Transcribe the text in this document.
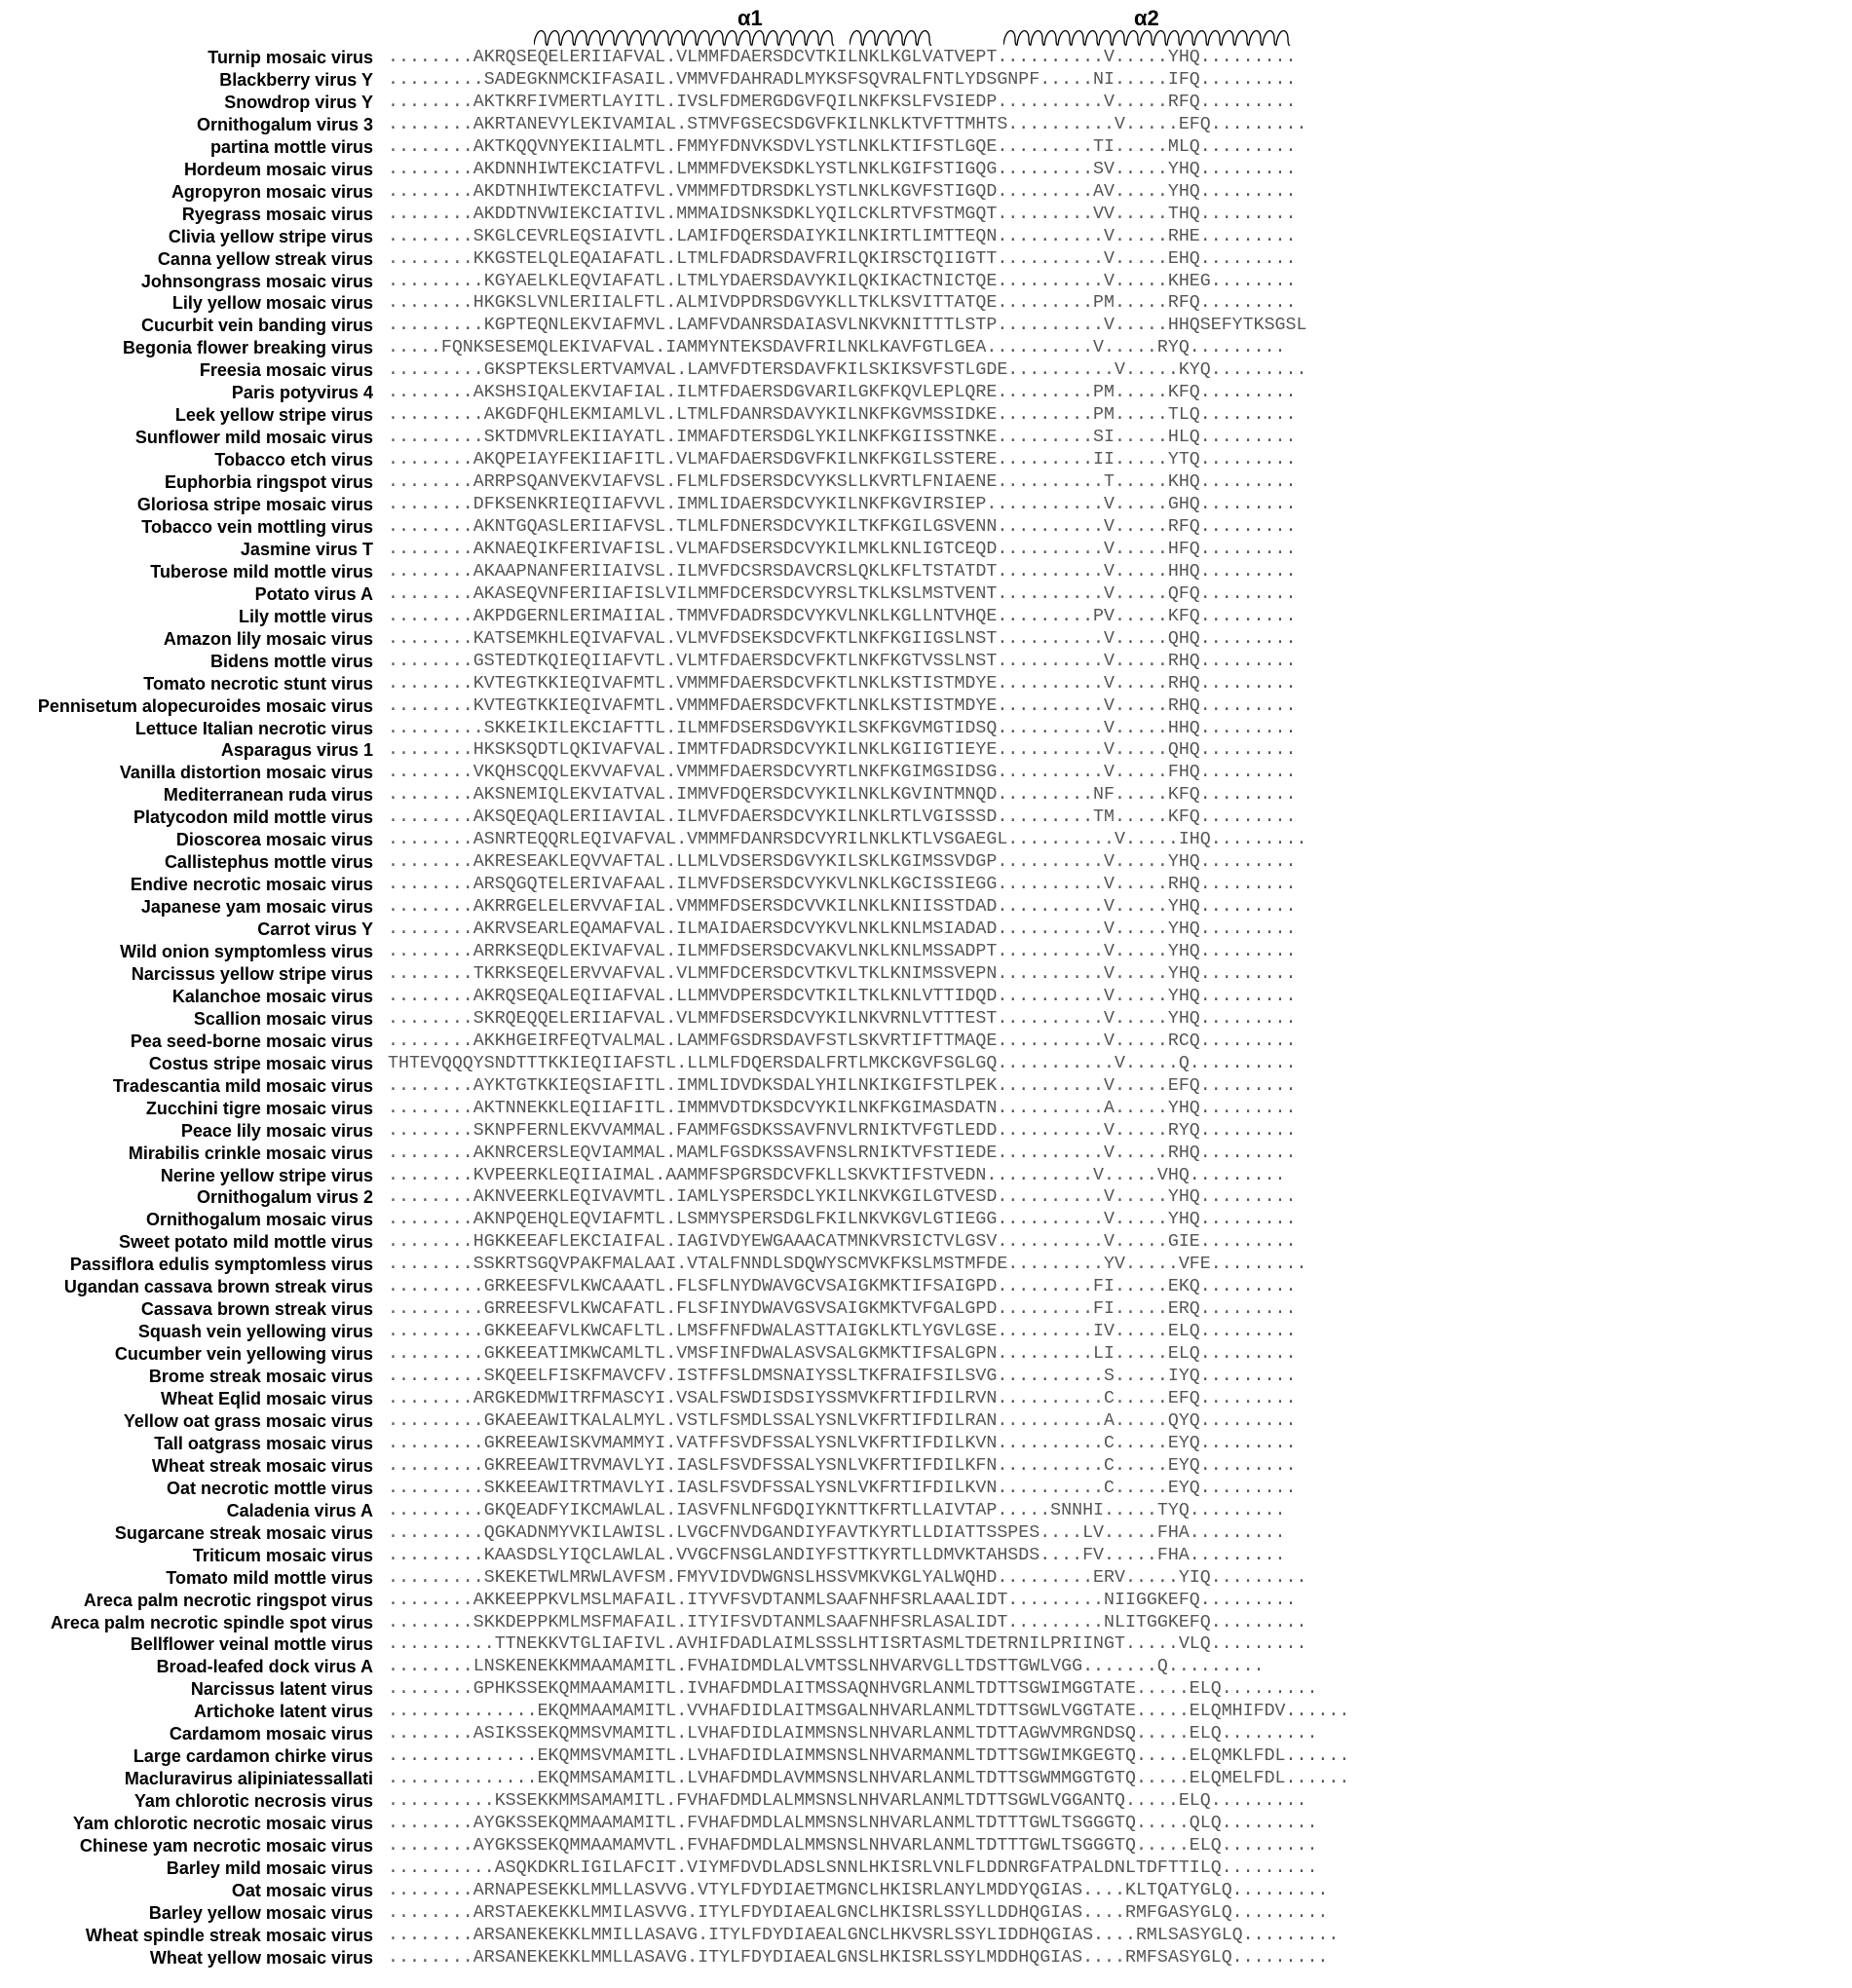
α1	α2
Turnip mosaic virus ........AKRQSEQELERIIAFVAL.VLMMFDAERSDCVTKILNKLKGLVATVEPT..........V.....YHQ.........
Blackberry virus Y .........SADEGKNMCKIFASAIL.VMMVFDAHRADLMYKSFSQVRALFNTLYDSGNPF.....NI.....IFQ.........
Snowdrop virus Y ........AKTKRFIVMERTLAYITL.IVSLFDMERGDGVFQILNKFKSLFVSIEDP..........V.....RFQ.........
Ornithogalum virus 3 ........AKRTANEVYLEKIVAMIAL.STMVFGSECSDGVFKILNKLKTVFTTMHTS..........V.....EFQ.........
partina mottle virus ........AKTKQQVNYEKIIALMTL.FMMYFDNVKSDVLYSTLNKLKTIFSTLGQE.........TI.....MLQ.........
Hordeum mosaic virus ........AKDNNHIWTEKCIATFVL.LMMMFDVEKSDKLYSTLNKLKGIFSTIGQG.........SV.....YHQ.........
Agropyron mosaic virus ........AKDTNHIWTEKCIATFVL.VMMMFDTDRSDKLYSTLNKLKGVFSTIGQD.........AV.....YHQ.........
Ryegrass mosaic virus ........AKDDTNVWIEKCIATIVL.MMMAIDSNKSDKLYQILCKLRTVFSTMGQT.........VV.....THQ.........
Clivia yellow stripe virus ........SKGLCEVRLEQSIAIVTL.LAMIFDQERSDAIYKILNKIRTLIMTTEQN..........V.....RHE.........
Canna yellow streak virus ........KKGSTELQLEQAIAFATL.LTMLFDADRSDAVFRILQKIRSCTQIIGTT..........V.....EHQ.........
Johnsongrass mosaic virus .........KGYAELKLEQVIAFATL.LTMLYDAERSDAVYKILQKIKACTNICTQE..........V.....KHEG........
Lily yellow mosaic virus ........HKGKSLVNLERIIALFTL.ALMIVDPDRSDGVYKLLTKLKSVITTATQE.........PM.....RFQ.........
Cucurbit vein banding virus .........KGPTEQNLEKVIAFMVL.LAMFVDANRSDAIASVLNKVKNITTTLSTP..........V.....HHQSEFYTKSGSL
Begonia flower breaking virus .....FQNKSESEMQLEKIVAFVAL.IAMMYNTEKSDAVFRILNKLKAVFGTLGEA..........V.....RYQ.........
Freesia mosaic virus .........GKSPTEKSLERTVAMVAL.LAMVFDTERSDAVFKILSKIKSVFSTLGDE..........V.....KYQ.........
Paris potyvirus 4 ........AKSHSIQALEKVIAFIAL.ILMTFDAERSDGVARILGKFKQVLEPLQRE.........PM.....KFQ.........
Leek yellow stripe virus .........AKGDFQHLEKMIAMLVL.LTMLFDANRSDAVYKILNKFKGVMSSIDKE.........PM.....TLQ.........
Sunflower mild mosaic virus .........SKTDMVRLEKIIAYATL.IMMAFDTERSDGLYKILNKFKGIISSTNKE.........SI.....HLQ.........
Tobacco etch virus ........AKQPEIAYFEKIIAFITL.VLMAFDAERSDGVFKILNKFKGILSSTERE.........II.....YTQ.........
Euphorbia ringspot virus ........ARRPSQANVEKVIAFVSL.FLMLFDSERSDCVYKSLLKVRTLFNIAENE..........T.....KHQ.........
Gloriosa stripe mosaic virus ........DFKSENKRIEQIIAFVVL.IMMLIDAERSDCVYKILNKFKGVIRSIEP...........V.....GHQ.........
Tobacco vein mottling virus ........AKNTGQASLERIIAFVSL.TLMLFDNERSDCVYKILTKFKGILGSVENN..........V.....RFQ.........
Jasmine virus T ........AKNAEQIKFERIVAFISL.VLMAFDSERSDCVYKILMKLKNLIGTCEQD..........V.....HFQ.........
Tuberose mild mottle virus ........AKAAPNANFERIIAIVSL.ILMVFDCSRSDAVCRSLQKLKFLTSTATDT..........V.....HHQ.........
Potato virus A ........AKASEQVNFERIIAFISLVILMMFDCERSDCVYRSLTKLKSLMSTVENT..........V.....QFQ.........
Lily mottle virus ........AKPDGERNLERIMAIIAL.TMMVFDADRSDCVYKVLNKLKGLLNTVHQE.........PV.....KFQ.........
Amazon lily mosaic virus ........KATSEMKHLEQIVAFVAL.VLMVFDSEKSDCVFKTLNKFKGIIGSLNST..........V.....QHQ.........
Bidens mottle virus ........GSTEDTKQIEQIIAFVTL.VLMTFDAERSDCVFKTLNKFKGTVSSLNST..........V.....RHQ.........
Tomato necrotic stunt virus ........KVTEGTKKIEQIVAFMTL.VMMMFDAERSDCVFKTLNKLKSTISTMDYE..........V.....RHQ.........
Pennisetum alopecuroides mosaic virus ........KVTEGTKKIEQIVAFMTL.VMMMFDAERSDCVFKTLNKLKSTISTMDYE..........V.....RHQ.........
Lettuce Italian necrotic virus .........SKKEIKILEKCIAFTTL.ILMMFDSERSDGVYKILSKFKGVMGTIDSQ..........V.....HHQ.........
Asparagus virus 1 ........HKSKSQDTLQKIVAFVAL.IMMTFDADRSDCVYKILNKLKGIIGTIEYE..........V.....QHQ.........
Vanilla distortion mosaic virus ........VKQHSCQQLEKVVAFVAL.VMMMFDAERSDCVYRTLNKFKGIMGSIDSG..........V.....FHQ.........
Mediterranean ruda virus ........AKSNEMIQLEKVIATVAL.IMMVFDQERSDCVYKILNKLKGVINTMNQD.........NF.....KFQ.........
Platycodon mild mottle virus ........AKSQEQAQLERIIAVIAL.ILMVFDAERSDCVYKILNKLRTLVGISSSD.........TM.....KFQ.........
Dioscorea mosaic virus ........ASNRTEQQRLEQIVAFVAL.VMMMFDANRSDCVYRILNKLKTLVSGAEGL..........V.....IHQ.........
Callistephus mottle virus ........AKRESEAKLEQVVAFTAL.LLMLVDSERSDGVYKILSKLKGIMSSVDGP..........V.....YHQ.........
Endive necrotic mosaic virus ........ARSQGQTELERIVAFAAL.ILMVFDSERSDCVYKVLNKLKGCISSIEGG..........V.....RHQ.........
Japanese yam mosaic virus ........AKRRGELELERVVAFIAL.VMMMFDSERSDCVVKILNKLKNIISSTDAD..........V.....YHQ.........
Carrot virus Y ........AKRVSEARLEQAMAFVAL.ILMAIDAERSDCVYKVLNKLKNLMSIADAD..........V.....YHQ.........
Wild onion symptomless virus ........ARRKSEQDLEKIVAFVAL.ILMMFDSERSDCVAKVLNKLKNLMSSADPT..........V.....YHQ.........
Narcissus yellow stripe virus ........TKRKSEQELERVVAFVAL.VLMMFDCERSDCVTKVLTKLKNIMSSVEPN..........V.....YHQ.........
Kalanchoe mosaic virus ........AKRQSEQALEQIIAFVAL.LLMMVDPERSDCVTKILTKLKNLVTTIDQD..........V.....YHQ.........
Scallion mosaic virus ........SKRQEQQELERIIAFVAL.VLMMFDSERSDCVYKILNKVRNLVTTTEST..........V.....YHQ.........
Pea seed-borne mosaic virus ........AKKHGEIRFEQTVALMAL.LAMMFGSDRSDAVFSTLSKVRTIFTTMAQE..........V.....RCQ.........
Costus stripe mosaic virus THTEVQQQYSNDTTTKKIEQIIAFSTL.LLMLFDQERSDALFRTLMKCKGVFSGLGQ...........V.....Q..........
Tradescantia mild mosaic virus ........AYKTGTKKIEQSIAFITL.IMMLIDVDKSDALYHILNKIKGIFSTLPEK..........V.....EFQ.........
Zucchini tigre mosaic virus ........AKTNNEKKLEQIIAFITL.IMMMVDTDKSDCVYKILNKFKGIMASDATN..........A.....YHQ.........
Peace lily mosaic virus ........SKNPFERNLEKVVAMMAL.FAMMFGSDKSSAVFNVLRNIKTVFGTLEDD..........V.....RYQ.........
Mirabilis crinkle mosaic virus ........AKNRCERSLEQVIAMMAL.MAMLFGSDKSSAVFNSLRNIKTVFSTIEDE..........V.....RHQ.........
Nerine yellow stripe virus ........KVPEERKLEQIIAIMAL.AAMMFSPGRSDCVFKLLSKVKTIFSTVEDN..........V.....VHQ.........
Ornithogalum virus 2 ........AKNVEERKLEQIVAVMTL.IAMLYSPERSDCLYKILNKVKGILGTVESD..........V.....YHQ.........
Ornithogalum mosaic virus ........AKNPQEHQLEQVIAFMTL.LSMMYSPERSDGLFKILNKVKGVLGTIEGG..........V.....YHQ.........
Sweet potato mild mottle virus ........HGKKEEAFLEKCIAIFAL.IAGIVDYEWGAAACATMNKVRSICTVLGSV..........V.....GIE.........
Passiflora edulis symptomless virus ........SSKRTSGQVPAKFMALAAI.VTALFNNDLSDQWYSCMVKFKSLMSTMFDE.........YV.....VFE.........
Ugandan cassava brown streak virus .........GRKEESFVLKWCAAATL.FLSFLNYDWAVGCVSAIGKMKTIFSAIGPD.........FI.....EKQ.........
Cassava brown streak virus .........GRREESFVLKWCAFATL.FLSFINYDWAVGSVSAIGKMKTVFGALGPD.........FI.....ERQ.........
Squash vein yellowing virus .........GKKEEAFVLKWCAFLTL.LMSFFNFDWALASTTAIGKLKTLYGVLGSE.........IV.....ELQ.........
Cucumber vein yellowing virus .........GKKEEATIMKWCAMLTL.VMSFINFDWALASVSALGKMKTIFSALGPN.........LI.....ELQ.........
Brome streak mosaic virus .........SKQEELFISKFMAVCFV.ISTFFSLDMSNAIYSSLTKFRAIFSILSVG..........S.....IYQ.........
Wheat Eqlid mosaic virus ........ARGKEDMWITRFMASCYI.VSALFSWDISDSIYSSMVKFRTIFDILRVN..........C.....EFQ.........
Yellow oat grass mosaic virus .........GKAEEAWITKALALMYL.VSTLFSMDLSSALYSNLVKFRTIFDILRAN..........A.....QYQ.........
Tall oatgrass mosaic virus .........GKREEAWISKVMAMMYI.VATFFSVDFSSALYSNLVKFRTIFDILKVN..........C.....EYQ.........
Wheat streak mosaic virus .........GKREEAWITRVMAVLYI.IASLFSVDFSSALYSNLVKFRTIFDILKFN..........C.....EYQ.........
Oat necrotic mottle virus .........SKKEEAWITRTMAVLYI.IASLFSVDFSSALYSNLVKFRTIFDILKVN..........C.....EYQ.........
Caladenia virus A .........GKQEADFYIKCMAWLAL.IASVFNLNFGDQIYKNTTKFRTLLAIVTAP.....SNNHI.....TYQ.........
Sugarcane streak mosaic virus .........QGKADNMYVKILAWISL.LVGCFNVDGANDIYFAVTKYRTLLDIATTSSPES....LV.....FHA.........
Triticum mosaic virus .........KAASDSLYIQCLAWLAL.VVGCFNSGLANDIYFSTTKYRTLLDMVKTAHSDS....FV.....FHA.........
Tomato mild mottle virus .........SKEKETWLMRWLAVFSM.FMYVIDVDWGNSLHSSVMKVKGLYALWQHD.........ERV.....YIQ.........
Areca palm necrotic ringspot virus ........AKKEEPPKVLMSLMAFAIL.ITYVFSVDTANMLSAAFNHFSRLAAALIDT.........NIIGGKEFQ.........
Areca palm necrotic spindle spot virus ........SKKDEPPKMLMSFMAFAIL.ITYIFSVDTANMLSAAFNHFSRLASALIDT.........NLITGGKEFQ.........
Bellflower veinal mottle virus ..........TTNEKKVTGLIAFIVL.AVHIFDADLAIMLSSSLHTISRTASMLTDETRNILPRIINGT.....VLQ.........
Broad-leafed dock virus A ........LNSKENEKKMMAAMAMITL.FVHAIDMDLALVMTSSLNHVARVGLLTDSTTGWLVGG.......Q.........
Narcissus latent virus ........GPHKSSEKQMMAAMAMITL.IVHAFDMDLAITMSSAQNHVGRLANMLTDTTSGWIMGGTATE.....ELQ.........
Artichoke latent virus ..............EKQMMAAMAMITL.VVHAFDIDLAITMSGALNHVARLANMLTDTTSGWLVGGTATE.....ELQMHIFDV......
Cardamom mosaic virus ........ASIKSSEKQMMSVMAMITL.LVHAFDIDLAIMMSNSLNHVARLANMLTDTTAGWVMRGNDSQ.....ELQ.........
Large cardamon chirke virus ..............EKQMMSVMAMITL.LVHAFDIDLAIMMSNSLNHVARMANMLTDTTSGWIMKGEGTQ.....ELQMKLFDL......
Macluravirus alipiniatessallati ..............EKQMMSAMAMITL.LVHAFDMDLAVMMSNSLNHVARLANMLTDTTSGWMMGGTGTQ.....ELQMELFDL......
Yam chlorotic necrosis virus ..........KSSEKKMMSAMAMITL.FVHAFDMDLALMMSNSLNHVARLANMLTDTTSGWLVGGANTQ.....ELQ.........
Yam chlorotic necrotic mosaic virus ........AYGKSSEKQMMAAMAMITL.FVHAFDMDLALMMSNSLNHVARLANMLTDTTTGWLTSGGGTQ.....QLQ.........
Chinese yam necrotic mosaic virus ........AYGKSSEKQMMAAMAMVTL.FVHAFDMDLALMMSNSLNHVARLANMLTDTTTGWLTSGGGTQ.....ELQ.........
Barley mild mosaic virus ..........ASQKDKRLIGILAFCIT.VIYMFDVDLADSLSNNLHKISRLVNLFLDDNRGFATPALDNLTDFTTILQ.........
Oat mosaic virus ........ARNAPESEKKLMMLLASVVG.VTYLFDYDIAETMGNCLHKISRLANYLMDDYQGIAS....KLTQATYGLQ.........
Barley yellow mosaic virus ........ARSTAEKEKKLMMILASVVG.ITYLFDYDIAEALGNCLHKISRLSSYLLDDHQGIAS....RMFGASYGLQ.........
Wheat spindle streak mosaic virus ........ARSANEKEKKLMMILLASAVG.ITYLFDYDIAEALGNCLHKVSRLSSYLIDDHQGIAS....RMLSASYGLQ.........
Wheat yellow mosaic virus ........ARSANEKEKKLMMLLASAVG.ITYLFDYDIAEALGNSLHKISRLSSYLMDDHQGIAS....RMFSASYGLQ.........
